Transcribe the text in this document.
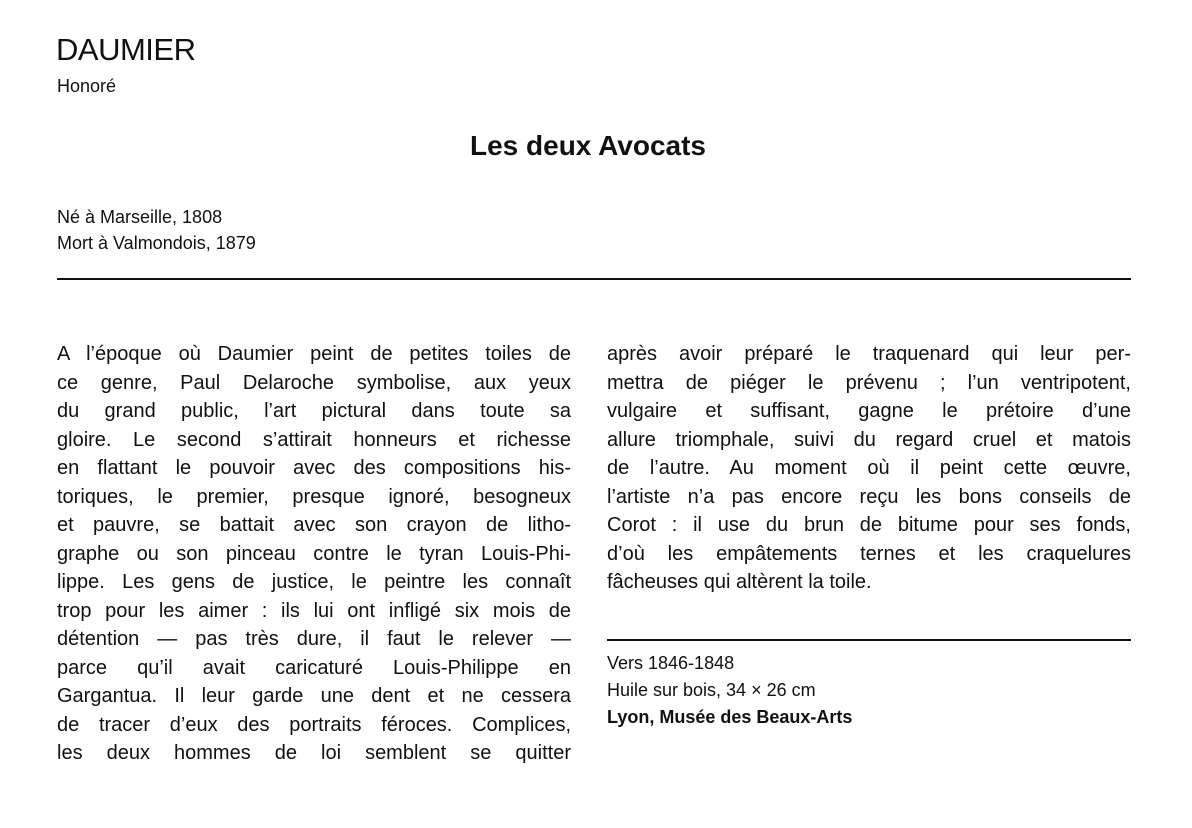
DAUMIER
Honoré
Les deux Avocats
Né à Marseille, 1808
Mort à Valmondois, 1879
A l’époque où Daumier peint de petites toiles de
ce genre, Paul Delaroche symbolise, aux yeux
du grand public, l’art pictural dans toute sa
gloire. Le second s’attirait honneurs et richesse
en flattant le pouvoir avec des compositions his-
toriques, le premier, presque ignoré, besogneux
et pauvre, se battait avec son crayon de litho-
graphe ou son pinceau contre le tyran Louis-Phi-
lippe. Les gens de justice, le peintre les connaît
trop pour les aimer : ils lui ont infligé six mois de
détention — pas très dure, il faut le relever —
parce qu’il avait caricaturé Louis-Philippe en
Gargantua. Il leur garde une dent et ne cessera
de tracer d’eux des portraits féroces. Complices,
les deux hommes de loi semblent se quitter
après avoir préparé le traquenard qui leur per-
mettra de piéger le prévenu ; l’un ventripotent,
vulgaire et suffisant, gagne le prétoire d’une
allure triomphale, suivi du regard cruel et matois
de l’autre. Au moment où il peint cette œuvre,
l’artiste n’a pas encore reçu les bons conseils de
Corot : il use du brun de bitume pour ses fonds,
d’où les empâtements ternes et les craquelures
fâcheuses qui altèrent la toile.
Vers 1846-1848
Huile sur bois, 34 × 26 cm
Lyon, Musée des Beaux-Arts
